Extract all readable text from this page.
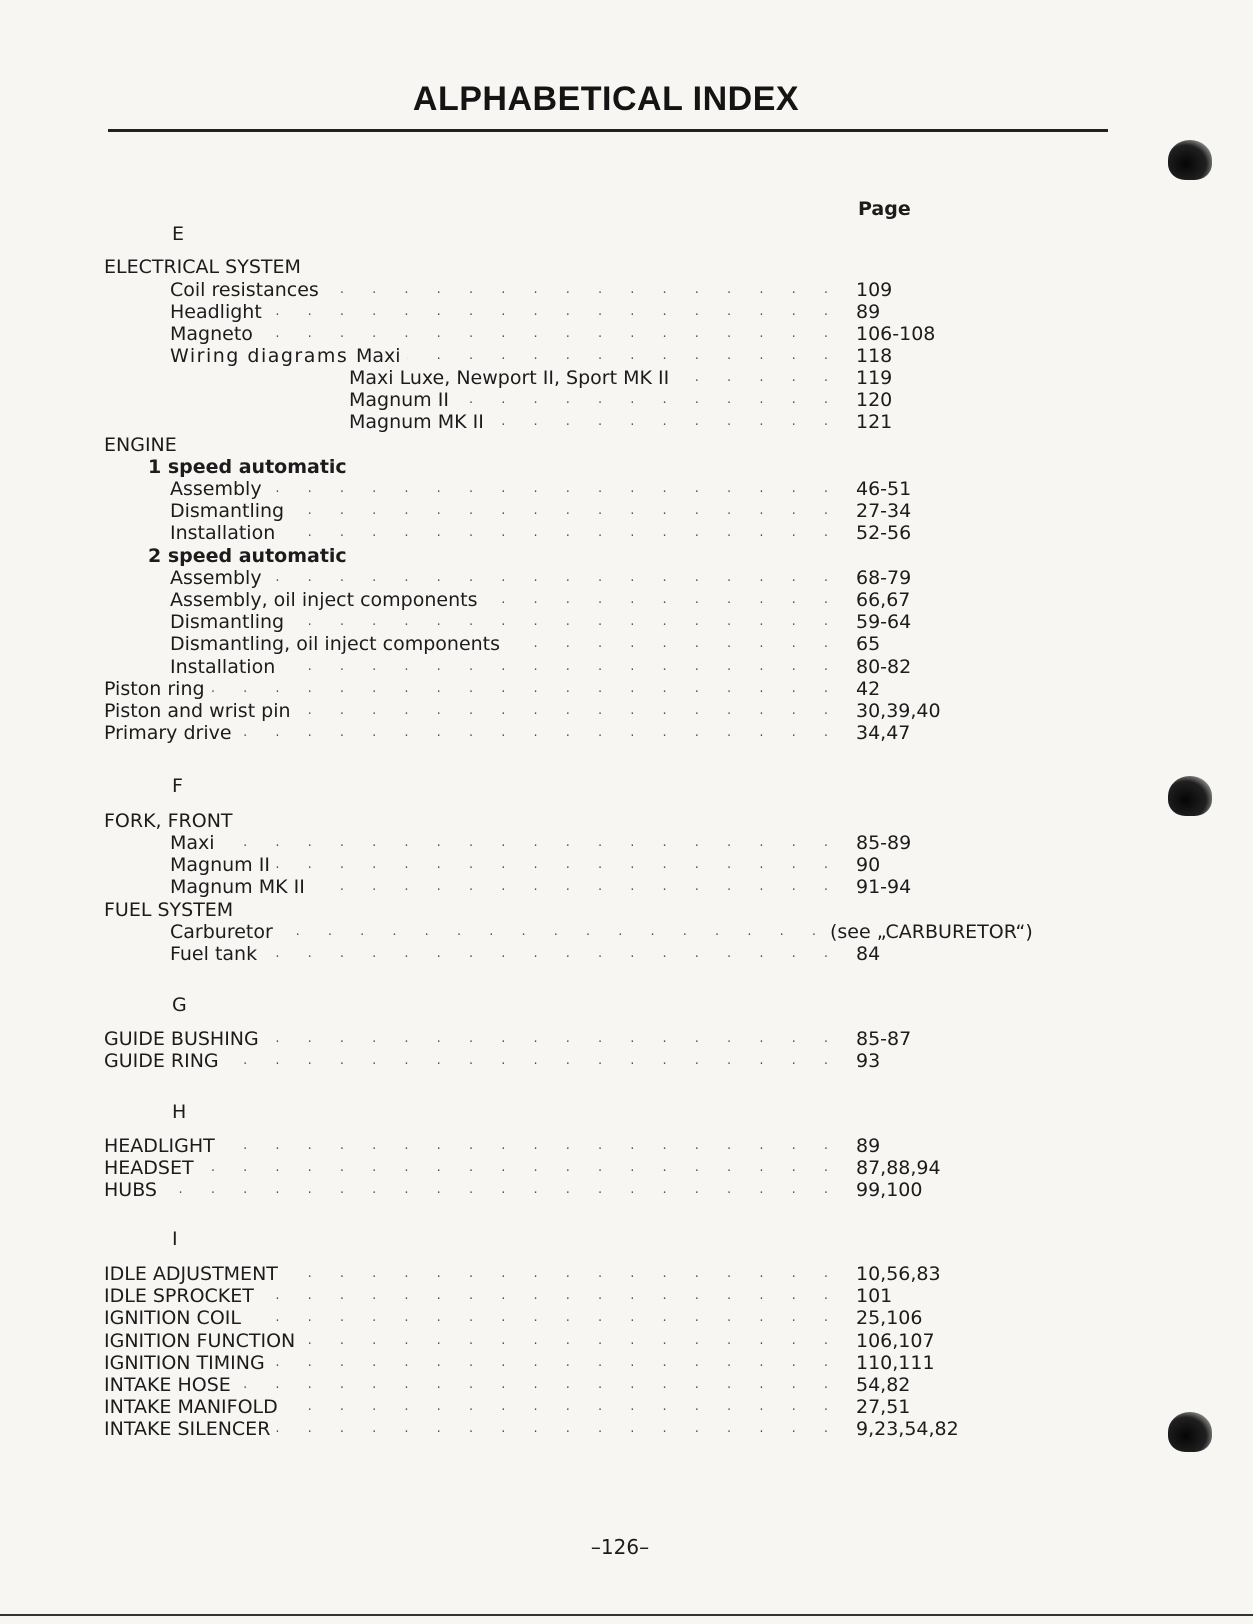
ALPHABETICAL INDEX
Page
E
ELECTRICAL SYSTEM
. . . Coil resistances	109
. . . Headlight	89
. . . Magneto	106-108
Wiring diagrams . . . Maxi	118
. . . Maxi Luxe, Newport II, Sport MK II	119
. . . Magnum II	120
. . . Magnum MK II	121
ENGINE
1 speed automatic
. . . Assembly	46-51
. . . Dismantling	27-34
. . . Installation	52-56
2 speed automatic
. . . Assembly	68-79
. . . Assembly, oil inject components	66,67
. . . Dismantling	59-64
. . . Dismantling, oil inject components	65
. . . Installation	80-82
. . . Piston ring	42
. . . Piston and wrist pin	30,39,40
. . . Primary drive	34,47
F
FORK, FRONT
. . . Maxi	85-89
. . . Magnum II	90
. . . Magnum MK II	91-94
FUEL SYSTEM
. . . Carburetor	(see „CARBURETOR“)
. . . Fuel tank	84
G
. . . GUIDE BUSHING	85-87
. . . GUIDE RING	93
H
. . . HEADLIGHT	89
. . . HEADSET	87,88,94
. . . HUBS	99,100
I
. . . IDLE ADJUSTMENT	10,56,83
. . . IDLE SPROCKET	101
. . . IGNITION COIL	25,106
. . . IGNITION FUNCTION	106,107
. . . IGNITION TIMING	110,111
. . . INTAKE HOSE	54,82
. . . INTAKE MANIFOLD	27,51
. . . INTAKE SILENCER	9,23,54,82
–126–
